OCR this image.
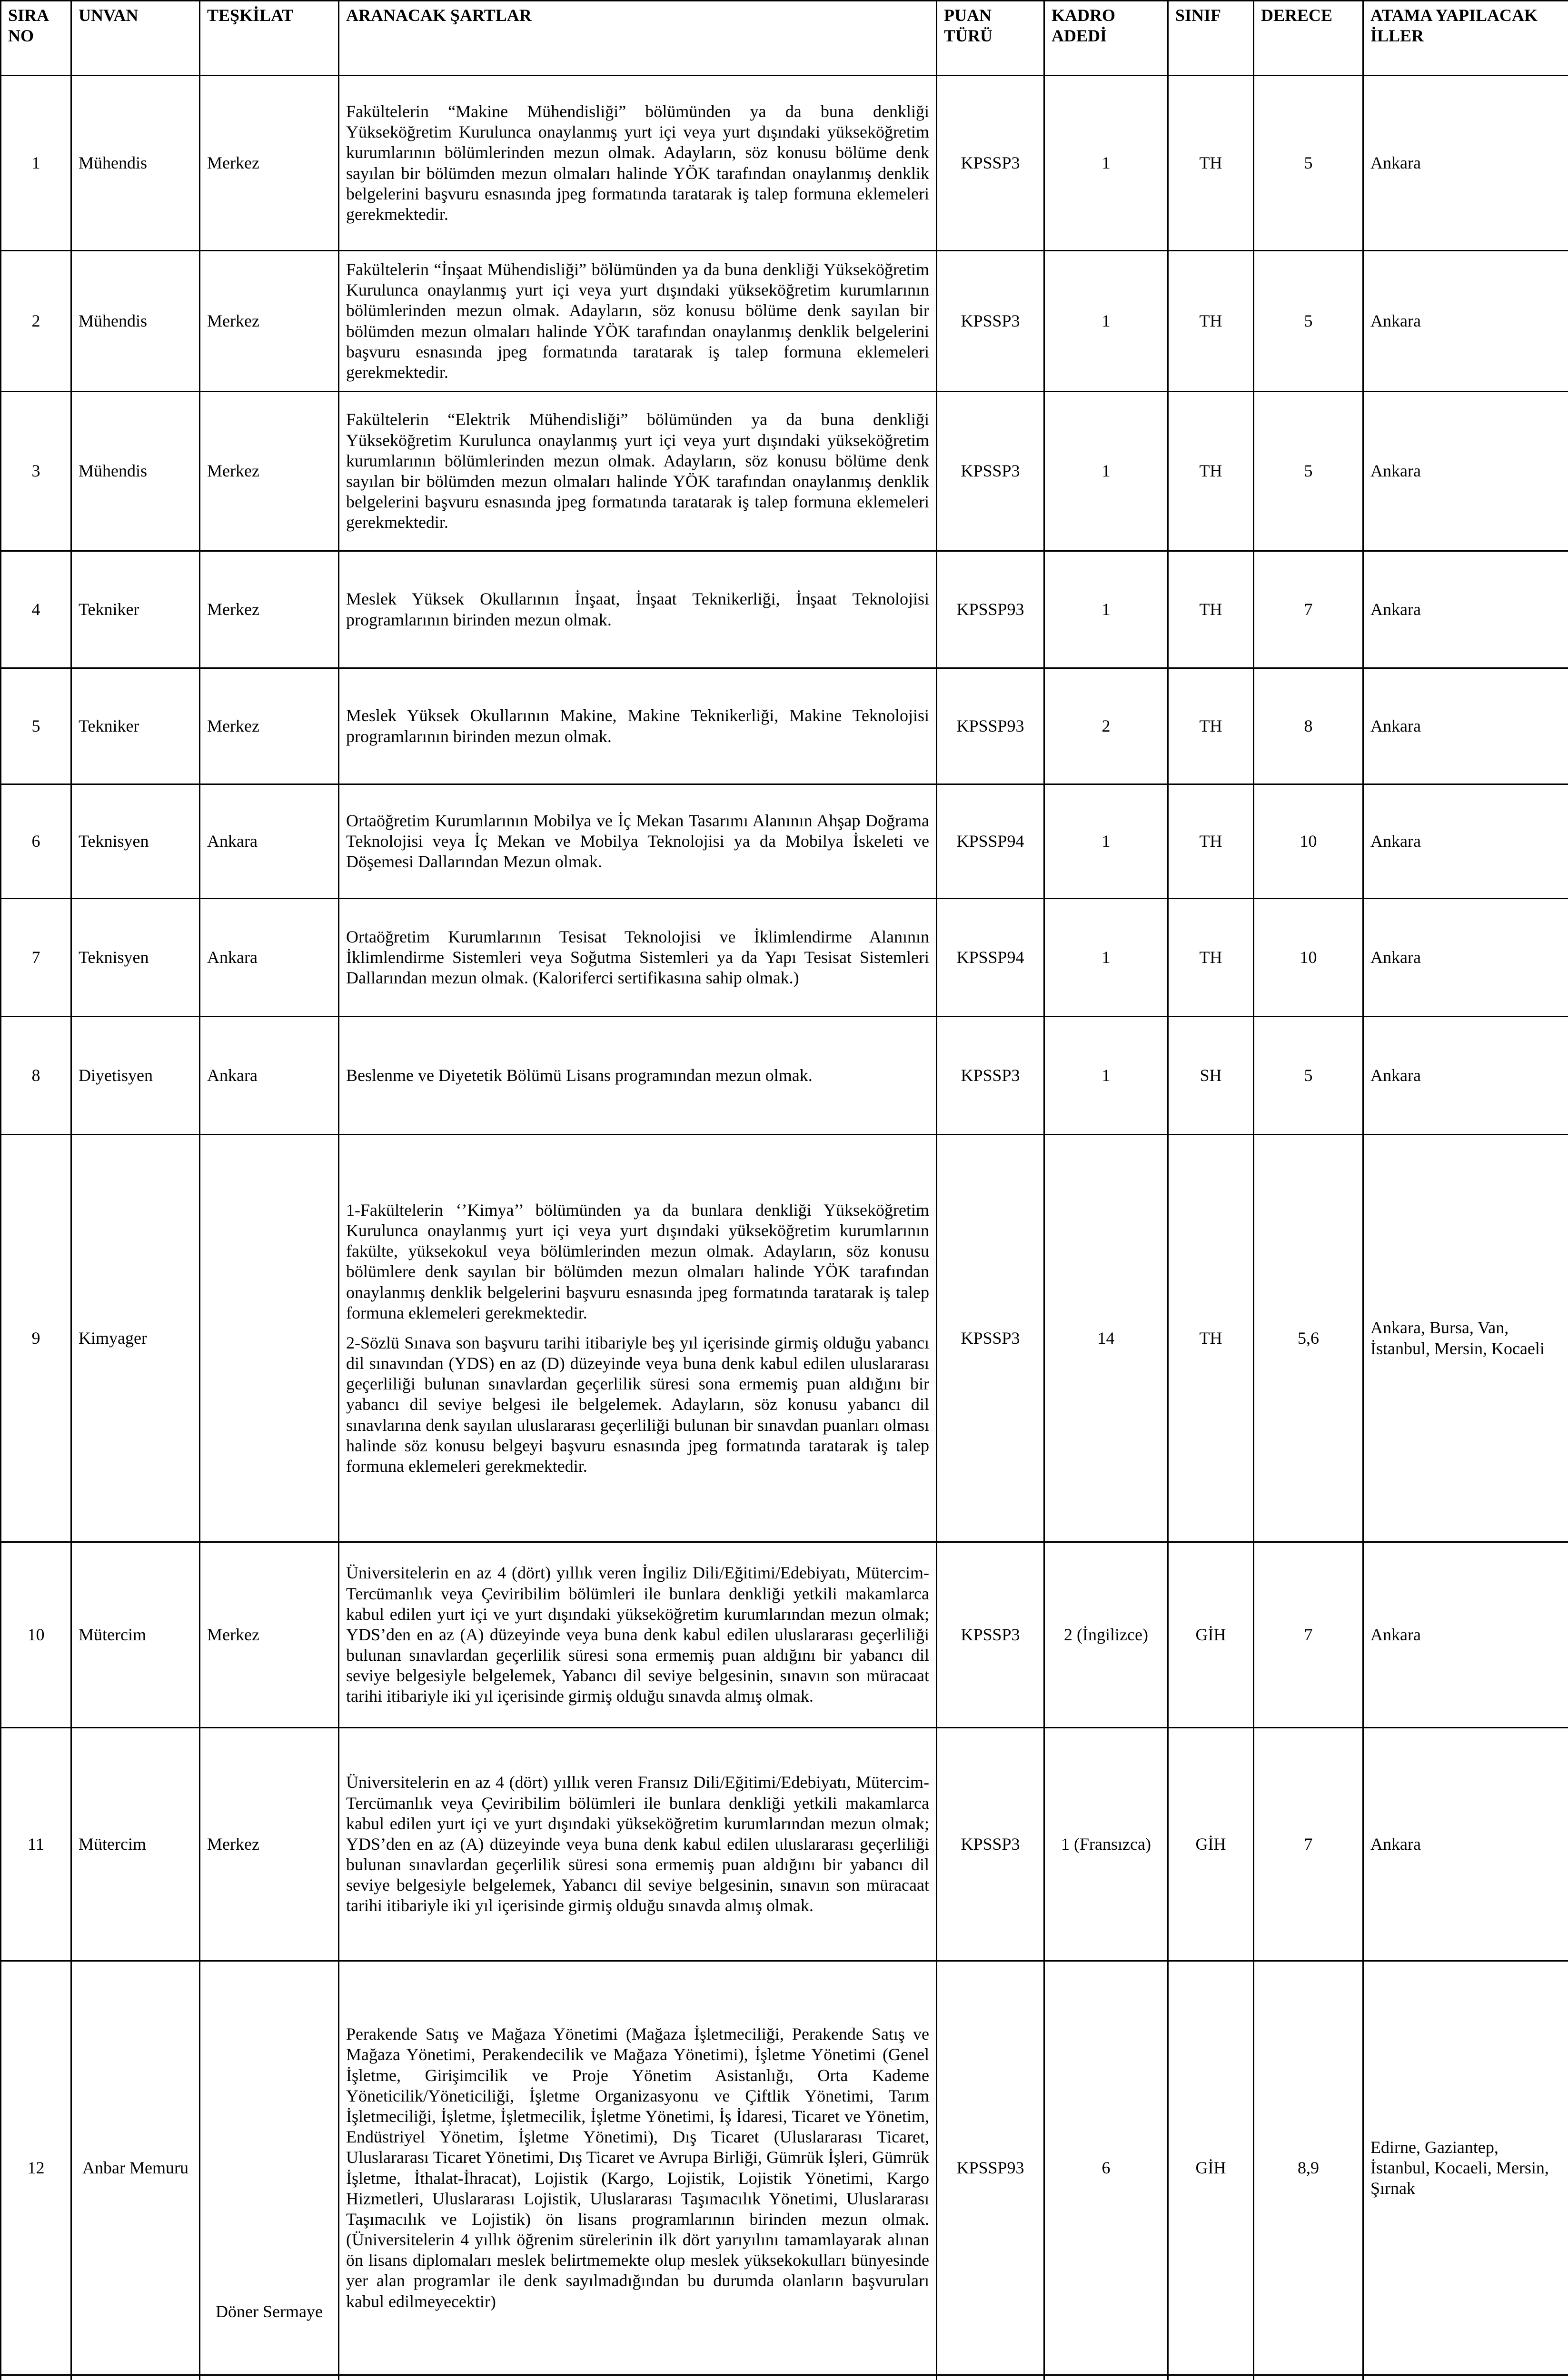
SIRA NO	UNVAN	TEŞKİLAT	ARANACAK ŞARTLAR	PUAN TÜRÜ	KADRO ADEDİ	SINIF	DERECE	ATAMA YAPILACAK İLLER
1	Mühendis	Merkez	Fakültelerin “Makine Mühendisliği” bölümünden ya da buna denkliği Yükseköğretim Kurulunca onaylanmış yurt içi veya yurt dışındaki yükseköğretim kurumlarının bölümlerinden mezun olmak. Adayların, söz konusu bölüme denk sayılan bir bölümden mezun olmaları halinde YÖK tarafından onaylanmış denklik belgelerini başvuru esnasında jpeg formatında taratarak iş talep formuna eklemeleri gerekmektedir.	KPSSP3	1	TH	5	Ankara
2	Mühendis	Merkez	Fakültelerin “İnşaat Mühendisliği” bölümünden ya da buna denkliği Yükseköğretim Kurulunca onaylanmış yurt içi veya yurt dışındaki yükseköğretim kurumlarının bölümlerinden mezun olmak. Adayların, söz konusu bölüme denk sayılan bir bölümden mezun olmaları halinde YÖK tarafından onaylanmış denklik belgelerini başvuru esnasında jpeg formatında taratarak iş talep formuna eklemeleri gerekmektedir.	KPSSP3	1	TH	5	Ankara
3	Mühendis	Merkez	Fakültelerin “Elektrik Mühendisliği” bölümünden ya da buna denkliği Yükseköğretim Kurulunca onaylanmış yurt içi veya yurt dışındaki yükseköğretim kurumlarının bölümlerinden mezun olmak. Adayların, söz konusu bölüme denk sayılan bir bölümden mezun olmaları halinde YÖK tarafından onaylanmış denklik belgelerini başvuru esnasında jpeg formatında taratarak iş talep formuna eklemeleri gerekmektedir.	KPSSP3	1	TH	5	Ankara
4	Tekniker	Merkez	Meslek Yüksek Okullarının İnşaat, İnşaat Teknikerliği, İnşaat Teknolojisi programlarının birinden mezun olmak.	KPSSP93	1	TH	7	Ankara
5	Tekniker	Merkez	Meslek Yüksek Okullarının Makine, Makine Teknikerliği, Makine Teknolojisi programlarının birinden mezun olmak.	KPSSP93	2	TH	8	Ankara
6	Teknisyen	Ankara	Ortaöğretim Kurumlarının Mobilya ve İç Mekan Tasarımı Alanının Ahşap Doğrama Teknolojisi veya İç Mekan ve Mobilya Teknolojisi ya da Mobilya İskeleti ve Döşemesi Dallarından Mezun olmak.	KPSSP94	1	TH	10	Ankara
7	Teknisyen	Ankara	Ortaöğretim Kurumlarının Tesisat Teknolojisi ve İklimlendirme Alanının İklimlendirme Sistemleri veya Soğutma Sistemleri ya da Yapı Tesisat Sistemleri Dallarından mezun olmak. (Kaloriferci sertifikasına sahip olmak.)	KPSSP94	1	TH	10	Ankara
8	Diyetisyen	Ankara	Beslenme ve Diyetetik Bölümü Lisans programından mezun olmak.	KPSSP3	1	SH	5	Ankara
9	Kimyager		1-Fakültelerin ‘’Kimya’’ bölümünden ya da bunlara denkliği Yükseköğretim Kurulunca onaylanmış yurt içi veya yurt dışındaki yükseköğretim kurumlarının fakülte, yüksekokul veya bölümlerinden mezun olmak. Adayların, söz konusu bölümlere denk sayılan bir bölümden mezun olmaları halinde YÖK tarafından onaylanmış denklik belgelerini başvuru esnasında jpeg formatında taratarak iş talep formuna eklemeleri gerekmektedir.

2-Sözlü Sınava son başvuru tarihi itibariyle beş yıl içerisinde girmiş olduğu yabancı dil sınavından (YDS) en az (D) düzeyinde veya buna denk kabul edilen uluslararası geçerliliği bulunan sınavlardan geçerlilik süresi sona ermemiş puan aldığını bir yabancı dil seviye belgesi ile belgelemek. Adayların, söz konusu yabancı dil sınavlarına denk sayılan uluslararası geçerliliği bulunan bir sınavdan puanları olması halinde söz konusu belgeyi başvuru esnasında jpeg formatında taratarak iş talep formuna eklemeleri gerekmektedir.	KPSSP3	14	TH	5,6	Ankara, Bursa, Van, İstanbul, Mersin, Kocaeli
10	Mütercim	Merkez	Üniversitelerin en az 4 (dört) yıllık veren İngiliz Dili/Eğitimi/Edebiyatı, Mütercim-Tercümanlık veya Çeviribilim bölümleri ile bunlara denkliği yetkili makamlarca kabul edilen yurt içi ve yurt dışındaki yükseköğretim kurumlarından mezun olmak; YDS’den en az (A) düzeyinde veya buna denk kabul edilen uluslararası geçerliliği bulunan sınavlardan geçerlilik süresi sona ermemiş puan aldığını bir yabancı dil seviye belgesiyle belgelemek, Yabancı dil seviye belgesinin, sınavın son müracaat tarihi itibariyle iki yıl içerisinde girmiş olduğu sınavda almış olmak.	KPSSP3	2 (İngilizce)	GİH	7	Ankara
11	Mütercim	Merkez	Üniversitelerin en az 4 (dört) yıllık veren Fransız Dili/Eğitimi/Edebiyatı, Mütercim-Tercümanlık veya Çeviribilim bölümleri ile bunlara denkliği yetkili makamlarca kabul edilen yurt içi ve yurt dışındaki yükseköğretim kurumlarından mezun olmak; YDS’den en az (A) düzeyinde veya buna denk kabul edilen uluslararası geçerliliği bulunan sınavlardan geçerlilik süresi sona ermemiş puan aldığını bir yabancı dil seviye belgesiyle belgelemek, Yabancı dil seviye belgesinin, sınavın son müracaat tarihi itibariyle iki yıl içerisinde girmiş olduğu sınavda almış olmak.	KPSSP3	1 (Fransızca)	GİH	7	Ankara
12	Anbar Memuru	Döner Sermaye	Perakende Satış ve Mağaza Yönetimi (Mağaza İşletmeciliği, Perakende Satış ve Mağaza Yönetimi, Perakendecilik ve Mağaza Yönetimi), İşletme Yönetimi (Genel İşletme, Girişimcilik ve Proje Yönetim Asistanlığı, Orta Kademe Yöneticilik/Yöneticiliği, İşletme Organizasyonu ve Çiftlik Yönetimi, Tarım İşletmeciliği, İşletme, İşletmecilik, İşletme Yönetimi, İş İdaresi, Ticaret ve Yönetim, Endüstriyel Yönetim, İşletme Yönetimi), Dış Ticaret (Uluslararası Ticaret, Uluslararası Ticaret Yönetimi, Dış Ticaret ve Avrupa Birliği, Gümrük İşleri, Gümrük İşletme, İthalat-İhracat), Lojistik (Kargo, Lojistik, Lojistik Yönetimi, Kargo Hizmetleri, Uluslararası Lojistik, Uluslararası Taşımacılık Yönetimi, Uluslararası Taşımacılık ve Lojistik) ön lisans programlarının birinden mezun olmak. (Üniversitelerin 4 yıllık öğrenim sürelerinin ilk dört yarıyılını tamamlayarak alınan ön lisans diplomaları meslek belirtmemekte olup meslek yüksekokulları bünyesinde yer alan programlar ile denk sayılmadığından bu durumda olanların başvuruları kabul edilmeyecektir)	KPSSP93	6	GİH	8,9	Edirne, Gaziantep, İstanbul, Kocaeli, Mersin, Şırnak
